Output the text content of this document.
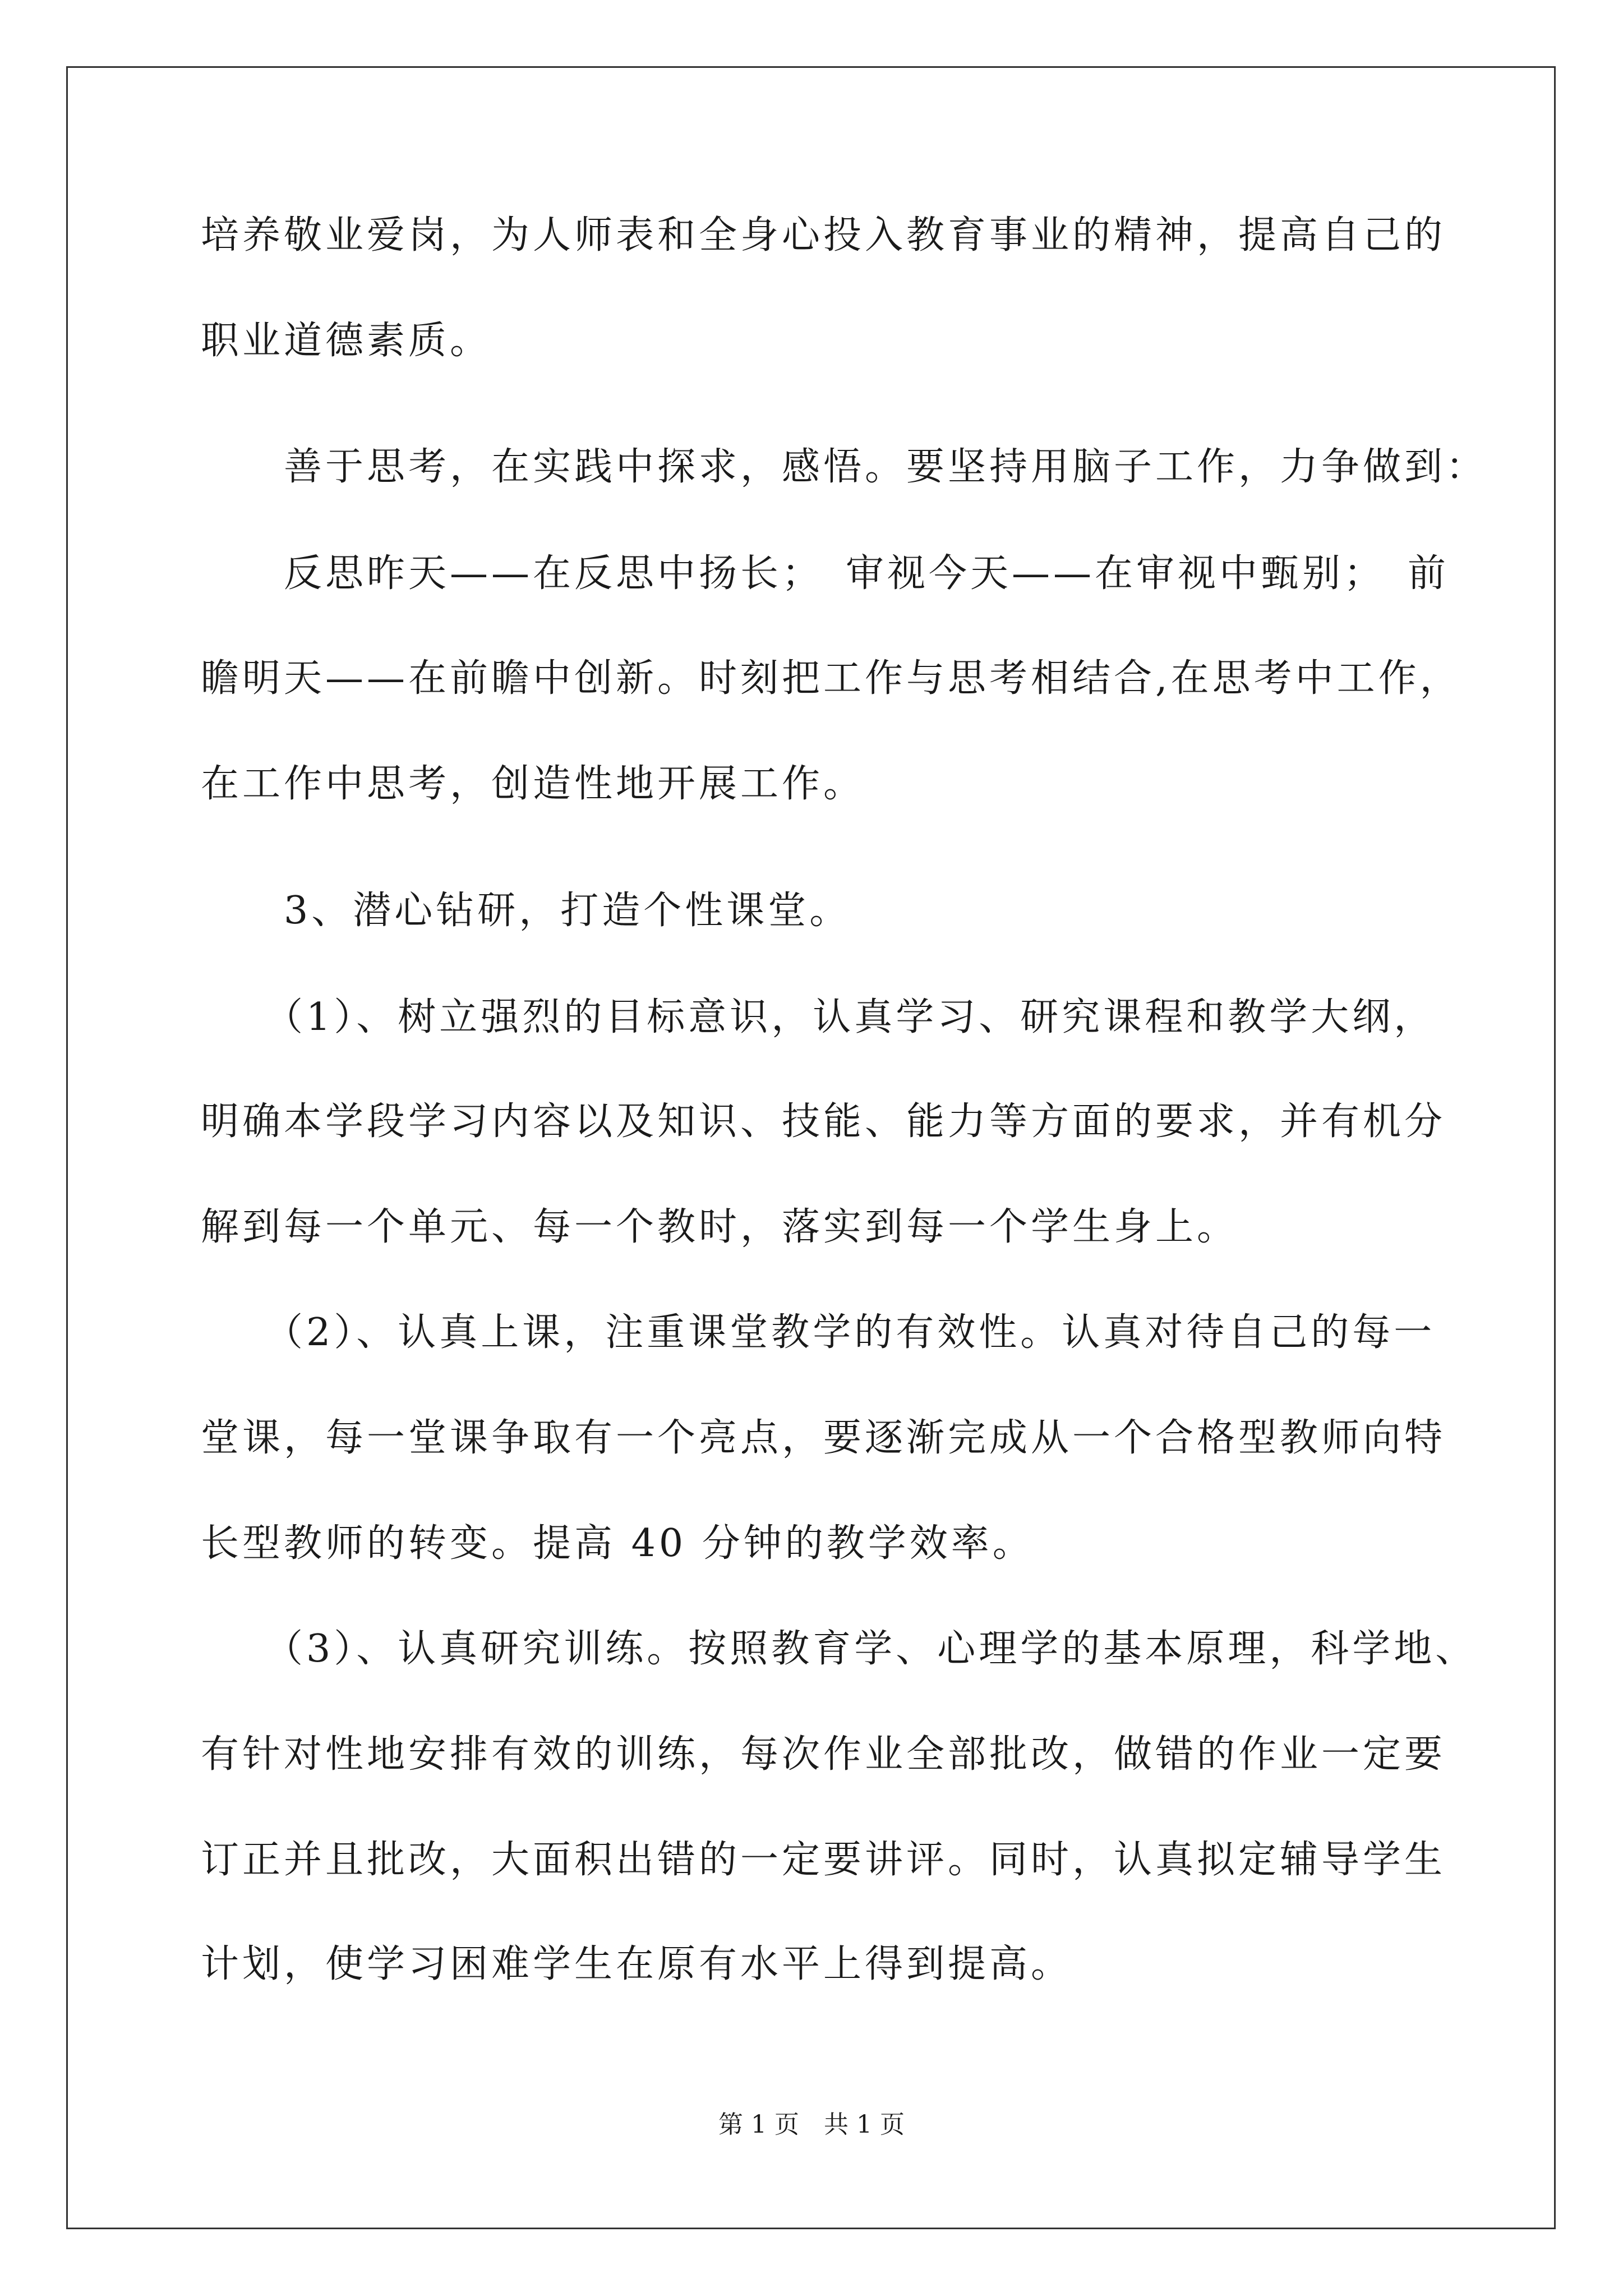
培养敬业爱岗，为人师表和全身心投入教育事业的精神，提高自己的
职业道德素质。
　　善于思考，在实践中探求，感悟。要坚持用脑子工作，力争做到：
　　反思昨天——在反思中扬长；　审视今天——在审视中甄别；　前
瞻明天——在前瞻中创新。时刻把工作与思考相结合,在思考中工作，
在工作中思考，创造性地开展工作。
　　3、潜心钻研，打造个性课堂。
　　（1）、树立强烈的目标意识，认真学习、研究课程和教学大纲，
明确本学段学习内容以及知识、技能、能力等方面的要求，并有机分
解到每一个单元、每一个教时，落实到每一个学生身上。
　　（2）、认真上课，注重课堂教学的有效性。认真对待自己的每一
堂课，每一堂课争取有一个亮点，要逐渐完成从一个合格型教师向特
长型教师的转变。提高 40 分钟的教学效率。
　　（3）、认真研究训练。按照教育学、心理学的基本原理，科学地、
有针对性地安排有效的训练，每次作业全部批改，做错的作业一定要
订正并且批改，大面积出错的一定要讲评。同时，认真拟定辅导学生
计划，使学习困难学生在原有水平上得到提高。
第 1 页　共 1 页
